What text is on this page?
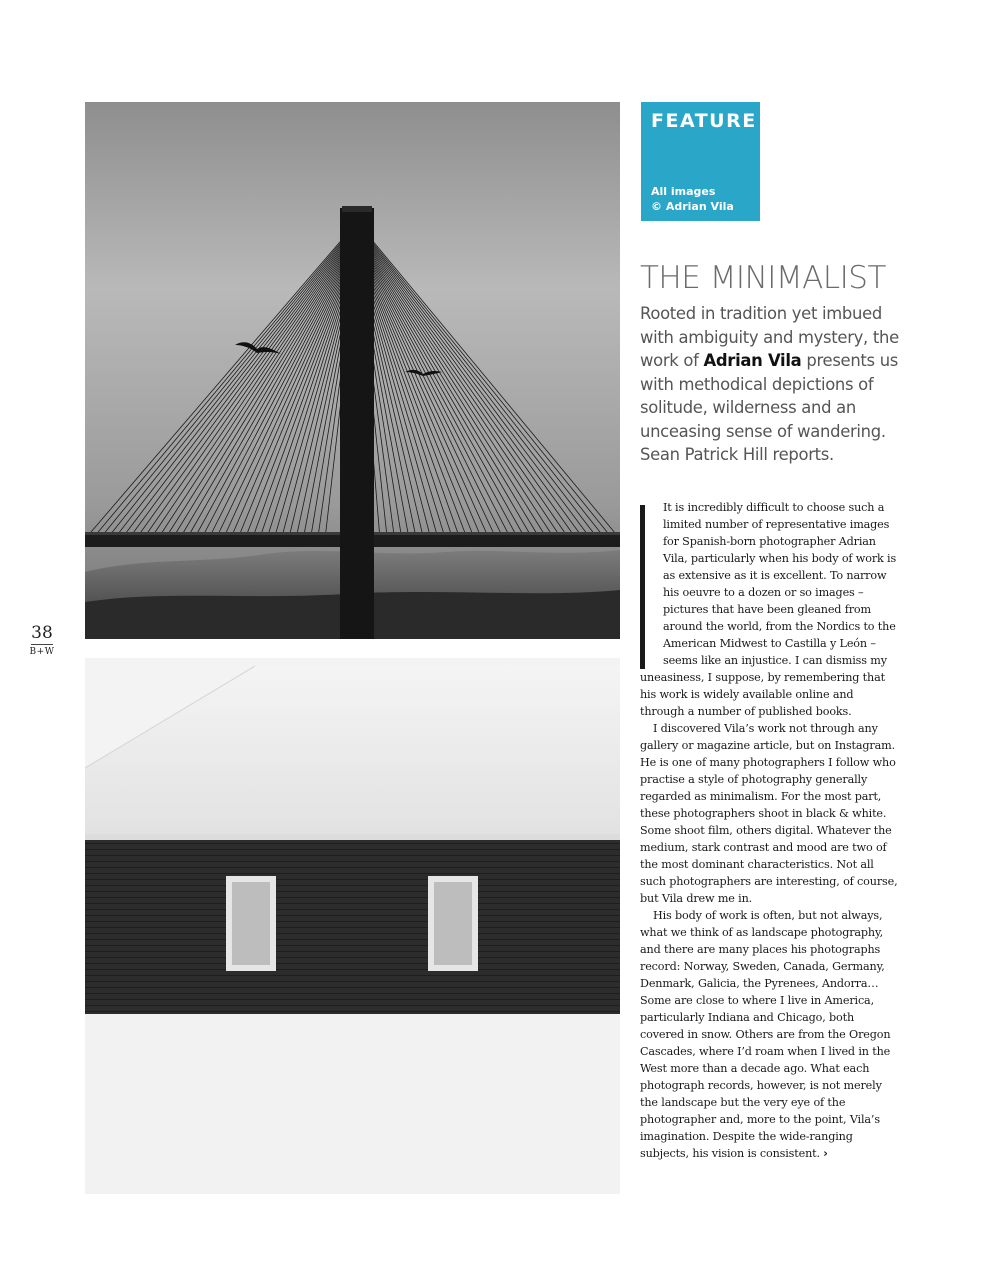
38
B+W
FEATURE
All images
© Adrian Vila
THE MINIMALIST

Rooted in tradition yet imbued with ambiguity and mystery, the work of Adrian Vila presents us with methodical depictions of solitude, wilderness and an unceasing sense of wandering. Sean Patrick Hill reports.

It is incredibly difficult to choose such a limited number of representative images for Spanish-born photographer Adrian Vila, particularly when his body of work is as extensive as it is excellent. To narrow his oeuvre to a dozen or so images – pictures that have been gleaned from around the world, from the Nordics to the American Midwest to Castilla y León – seems like an injustice. I can dismiss my uneasiness, I suppose, by remembering that his work is widely available online and through a number of published books.

I discovered Vila’s work not through any gallery or magazine article, but on Instagram. He is one of many photographers I follow who practise a style of photography generally regarded as minimalism. For the most part, these photographers shoot in black & white. Some shoot film, others digital. Whatever the medium, stark contrast and mood are two of the most dominant characteristics. Not all such photographers are interesting, of course, but Vila drew me in.

His body of work is often, but not always, what we think of as landscape photography, and there are many places his photographs record: Norway, Sweden, Canada, Germany, Denmark, Galicia, the Pyrenees, Andorra… Some are close to where I live in America, particularly Indiana and Chicago, both covered in snow. Others are from the Oregon Cascades, where I’d roam when I lived in the West more than a decade ago. What each photograph records, however, is not merely the landscape but the very eye of the photographer and, more to the point, Vila’s imagination. Despite the wide-ranging subjects, his vision is consistent. ›
